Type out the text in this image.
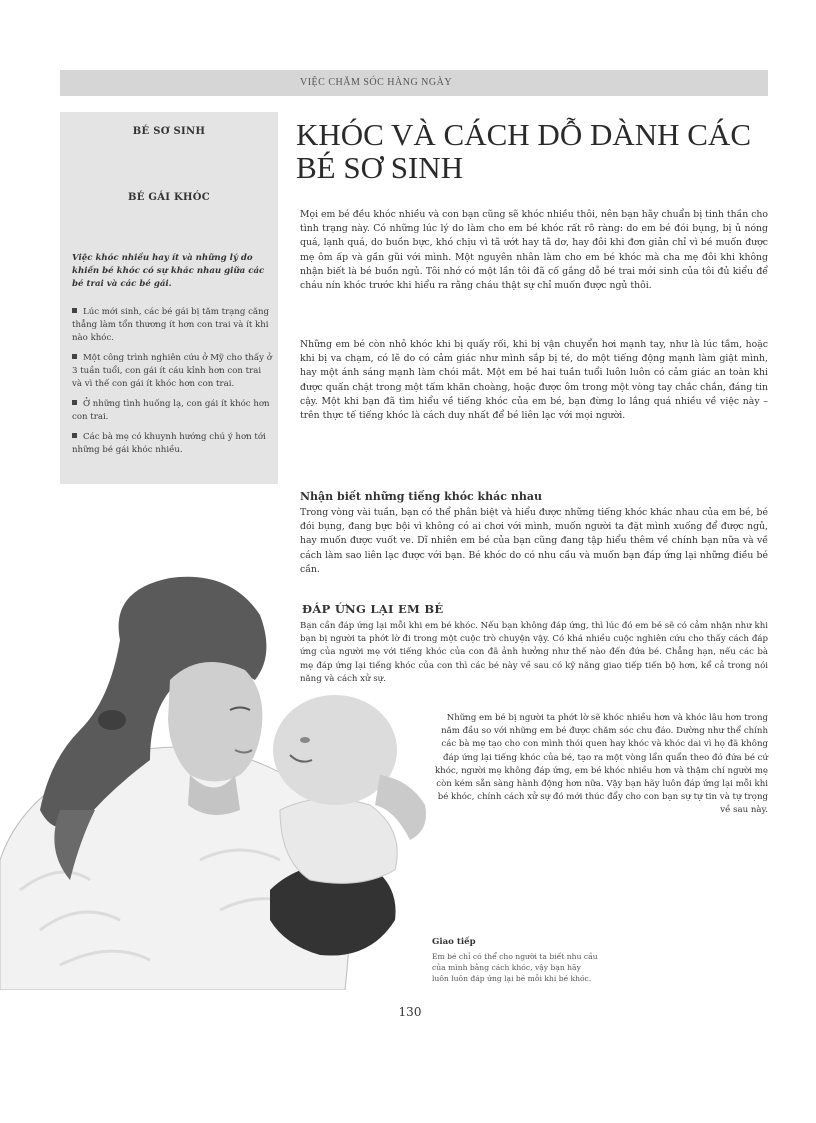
VIỆC CHĂM SÓC HÀNG NGÀY
BÉ SƠ SINH
BÉ GÁI KHÓC

Việc khóc nhiều hay ít và những lý do khiến bé khóc có sự khác nhau giữa các bé trai và các bé gái.

Lúc mới sinh, các bé gái bị tăm trạng căng thẳng làm tổn thương ít hơn con trai và ít khi nào khóc.
Một công trình nghiên cứu ở Mỹ cho thấy ở 3 tuần tuổi, con gái ít cáu kỉnh hơn con trai và vì thế con gái ít khóc hơn con trai.
Ở những tình huống lạ, con gái ít khóc hơn con trai.
Các bà mẹ có khuynh hướng chú ý hơn tới những bé gái khóc nhiều.
KHÓC VÀ CÁCH DỖ DÀNH CÁC BÉ SƠ SINH

Mọi em bé đều khóc nhiều và con bạn cũng sẽ khóc nhiều thôi, nên bạn hãy chuẩn bị tinh thần cho tình trạng này. Có những lúc lý do làm cho em bé khóc rất rõ ràng: do em bé đói bụng, bị ủ nóng quá, lạnh quá, do buồn bực, khó chịu vì tã ướt hay tã dơ, hay đôi khi đơn giản chỉ vì bé muốn được mẹ ôm ấp và gần gũi với mình. Một nguyên nhân làm cho em bé khóc mà cha mẹ đôi khi không nhận biết là bé buồn ngủ. Tôi nhớ có một lần tôi đã cố gắng dỗ bé trai mới sinh của tôi đủ kiểu để cháu nín khóc trước khi hiểu ra rằng cháu thật sự chỉ muốn được ngủ thôi.

Những em bé còn nhỏ khóc khi bị quấy rối, khi bị vận chuyển hơi mạnh tay, như là lúc tắm, hoặc khi bị va chạm, có lẽ do có cảm giác như mình sắp bị té, do một tiếng động mạnh làm giật mình, hay một ánh sáng mạnh làm chói mắt. Một em bé hai tuần tuổi luôn luôn có cảm giác an toàn khi được quấn chặt trong một tấm khăn choàng, hoặc được ôm trong một vòng tay chắc chắn, đáng tin cậy. Một khi bạn đã tìm hiểu về tiếng khóc của em bé, bạn đừng lo lắng quá nhiều về việc này – trên thực tế tiếng khóc là cách duy nhất để bé liên lạc với mọi người.

Nhận biết những tiếng khóc khác nhau

Trong vòng vài tuần, bạn có thể phân biệt và hiểu được những tiếng khóc khác nhau của em bé, bé đói bụng, đang bực bội vì không có ai chơi với mình, muốn người ta đặt mình xuống để được ngủ, hay muốn được vuốt ve. Dĩ nhiên em bé của bạn cũng đang tập hiểu thêm về chính bạn nữa và về cách làm sao liên lạc được với bạn. Bé khóc do có nhu cầu và muốn bạn đáp ứng lại những điều bé cần.

ĐÁP ỨNG LẠI EM BÉ

Bạn cần đáp ứng lại mỗi khi em bé khóc. Nếu bạn không đáp ứng, thì lúc đó em bé sẽ có cảm nhận như khi bạn bị người ta phớt lờ đi trong một cuộc trò chuyện vậy. Có khá nhiều cuộc nghiên cứu cho thấy cách đáp ứng của người mẹ với tiếng khóc của con đã ảnh hưởng như thế nào đến đứa bé. Chẳng hạn, nếu các bà mẹ đáp ứng lại tiếng khóc của con thì các bé này về sau có kỹ năng giao tiếp tiến bộ hơn, kể cả trong nói năng và cách xử sự.

Những em bé bị người ta phớt lờ sẽ khóc nhiều hơn và khóc lâu hơn trong năm đầu so với những em bé được chăm sóc chu đáo. Dường như thể chính các bà mẹ tạo cho con mình thói quen hay khóc và khóc dai vì họ đã không đáp ứng lại tiếng khóc của bé, tạo ra một vòng lẩn quẩn theo đó đứa bé cứ khóc, người mẹ không đáp ứng, em bé khóc nhiều hơn và thậm chí người mẹ còn kém sẵn sàng hành động hơn nữa. Vậy bạn hãy luôn đáp ứng lại mỗi khi bé khóc, chính cách xử sự đó mới thúc đẩy cho con bạn sự tự tin và tự trọng về sau này.

Giao tiếp

Em bé chỉ có thể cho người ta biết nhu cầu của mình bằng cách khóc, vậy bạn hãy luôn luôn đáp ứng lại bé mỗi khi bé khóc.

130
